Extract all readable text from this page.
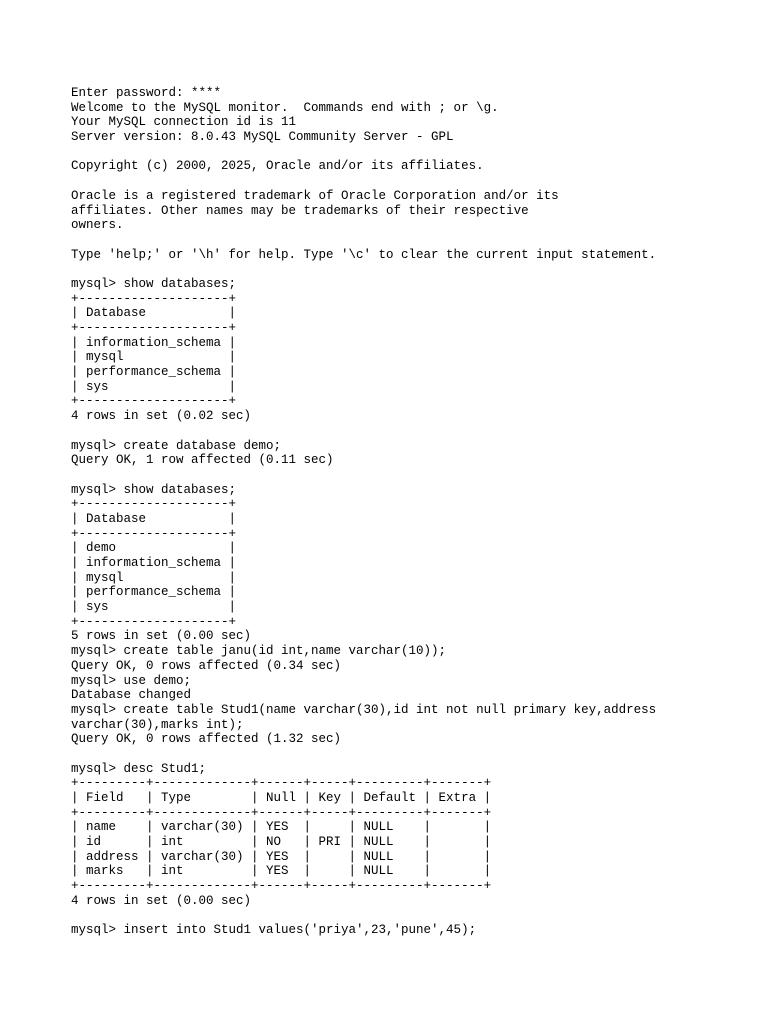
Enter password: ****
Welcome to the MySQL monitor.  Commands end with ; or \g.
Your MySQL connection id is 11
Server version: 8.0.43 MySQL Community Server - GPL
Copyright (c) 2000, 2025, Oracle and/or its affiliates.
Oracle is a registered trademark of Oracle Corporation and/or its
affiliates. Other names may be trademarks of their respective
owners.
Type 'help;' or '\h' for help. Type '\c' to clear the current input statement.
mysql> show databases;
+--------------------+
| Database           |
+--------------------+
| information_schema |
| mysql              |
| performance_schema |
| sys                |
+--------------------+
4 rows in set (0.02 sec)
mysql> create database demo;
Query OK, 1 row affected (0.11 sec)
mysql> show databases;
+--------------------+
| Database           |
+--------------------+
| demo               |
| information_schema |
| mysql              |
| performance_schema |
| sys                |
+--------------------+
5 rows in set (0.00 sec)
mysql> create table janu(id int,name varchar(10));
Query OK, 0 rows affected (0.34 sec)
mysql> use demo;
Database changed
mysql> create table Stud1(name varchar(30),id int not null primary key,address
varchar(30),marks int);
Query OK, 0 rows affected (1.32 sec)
mysql> desc Stud1;
+---------+-------------+------+-----+---------+-------+
| Field   | Type        | Null | Key | Default | Extra |
+---------+-------------+------+-----+---------+-------+
| name    | varchar(30) | YES  |     | NULL    |       |
| id      | int         | NO   | PRI | NULL    |       |
| address | varchar(30) | YES  |     | NULL    |       |
| marks   | int         | YES  |     | NULL    |       |
+---------+-------------+------+-----+---------+-------+
4 rows in set (0.00 sec)
mysql> insert into Stud1 values('priya',23,'pune',45);
